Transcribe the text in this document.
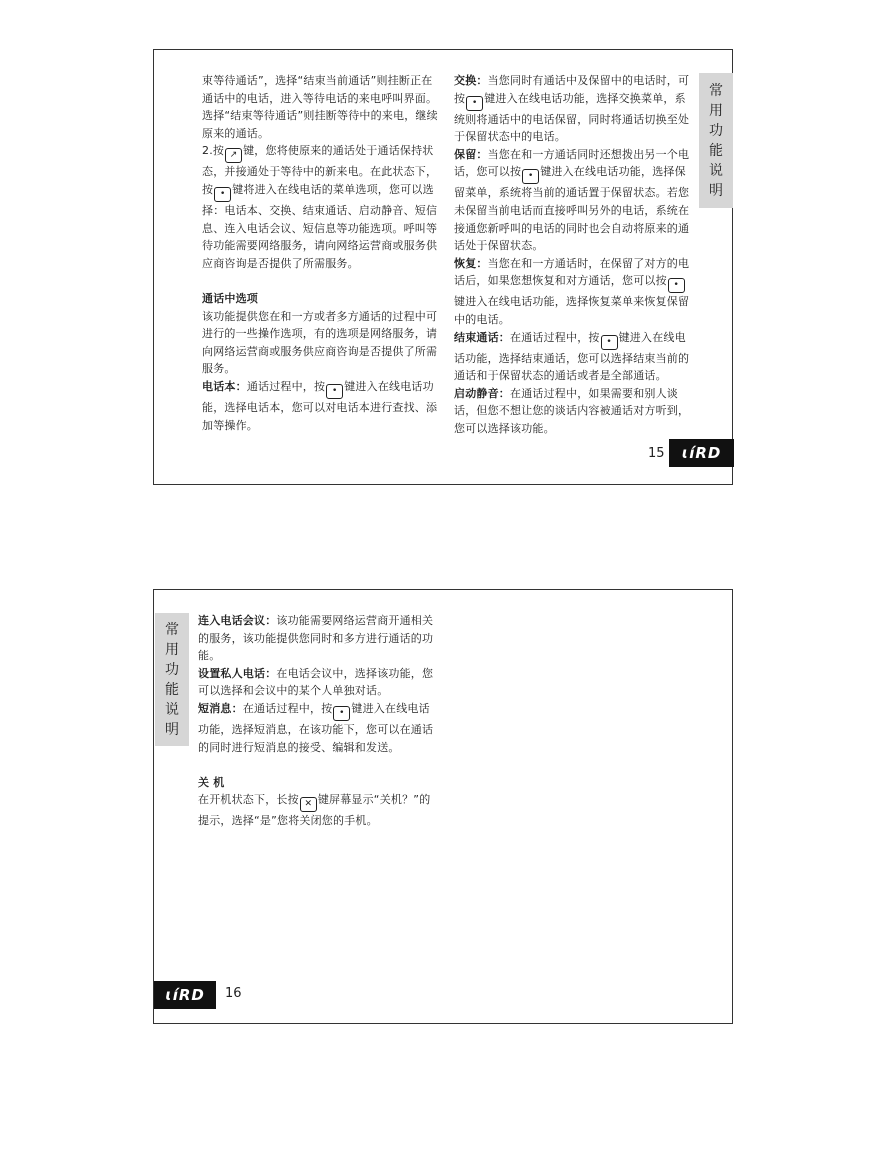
束等待通话”，选择“结束当前通话”则挂断正在通话中的电话，进入等待电话的来电呼叫界面。选择“结束等待通话”则挂断等待中的来电，继续原来的通话。

2.按 ↗ 键，您将使原来的通话处于通话保持状态，并接通处于等待中的新来电。在此状态下，按 • 键将进入在线电话的菜单选项，您可以选择：电话本、交换、结束通话、启动静音、短信息、连入电话会议、短信息等功能选项。呼叫等待功能需要网络服务，请向网络运营商或服务供应商咨询是否提供了所需服务。

通话中选项

该功能提供您在和一方或者多方通话的过程中可进行的一些操作选项，有的选项是网络服务，请向网络运营商或服务供应商咨询是否提供了所需服务。

电话本：通话过程中，按 • 键进入在线电话功能，选择电话本，您可以对电话本进行查找、添加等操作。

交换：当您同时有通话中及保留中的电话时，可按 • 键进入在线电话功能，选择交换菜单，系统则将通话中的电话保留，同时将通话切换至处于保留状态中的电话。

保留：当您在和一方通话同时还想拨出另一个电话，您可以按 • 键进入在线电话功能，选择保留菜单，系统将当前的通话置于保留状态。若您未保留当前电话而直接呼叫另外的电话，系统在接通您新呼叫的电话的同时也会自动将原来的通话处于保留状态。

恢复：当您在和一方通话时，在保留了对方的电话后，如果您想恢复和对方通话，您可以按 •键进入在线电话功能，选择恢复菜单来恢复保留中的电话。

结束通话：在通话过程中，按 • 键进入在线电话功能，选择结束通话，您可以选择结束当前的通话和于保留状态的通话或者是全部通话。

启动静音：在通话过程中，如果需要和别人谈话，但您不想让您的谈话内容被通话对方听到，您可以选择该功能。

常用功能说明
15	ɩíRD
常用功能说明

连入电话会议：该功能需要网络运营商开通相关的服务，该功能提供您同时和多方进行通话的功能。

设置私人电话：在电话会议中，选择该功能，您可以选择和会议中的某个人单独对话。

短消息：在通话过程中，按 • 键进入在线电话功能，选择短消息，在该功能下，您可以在通话的同时进行短消息的接受、编辑和发送。

关 机

在开机状态下，长按 ✕ 键屏幕显示“关机？”的提示，选择“是”您将关闭您的手机。

ɩíRD	16
